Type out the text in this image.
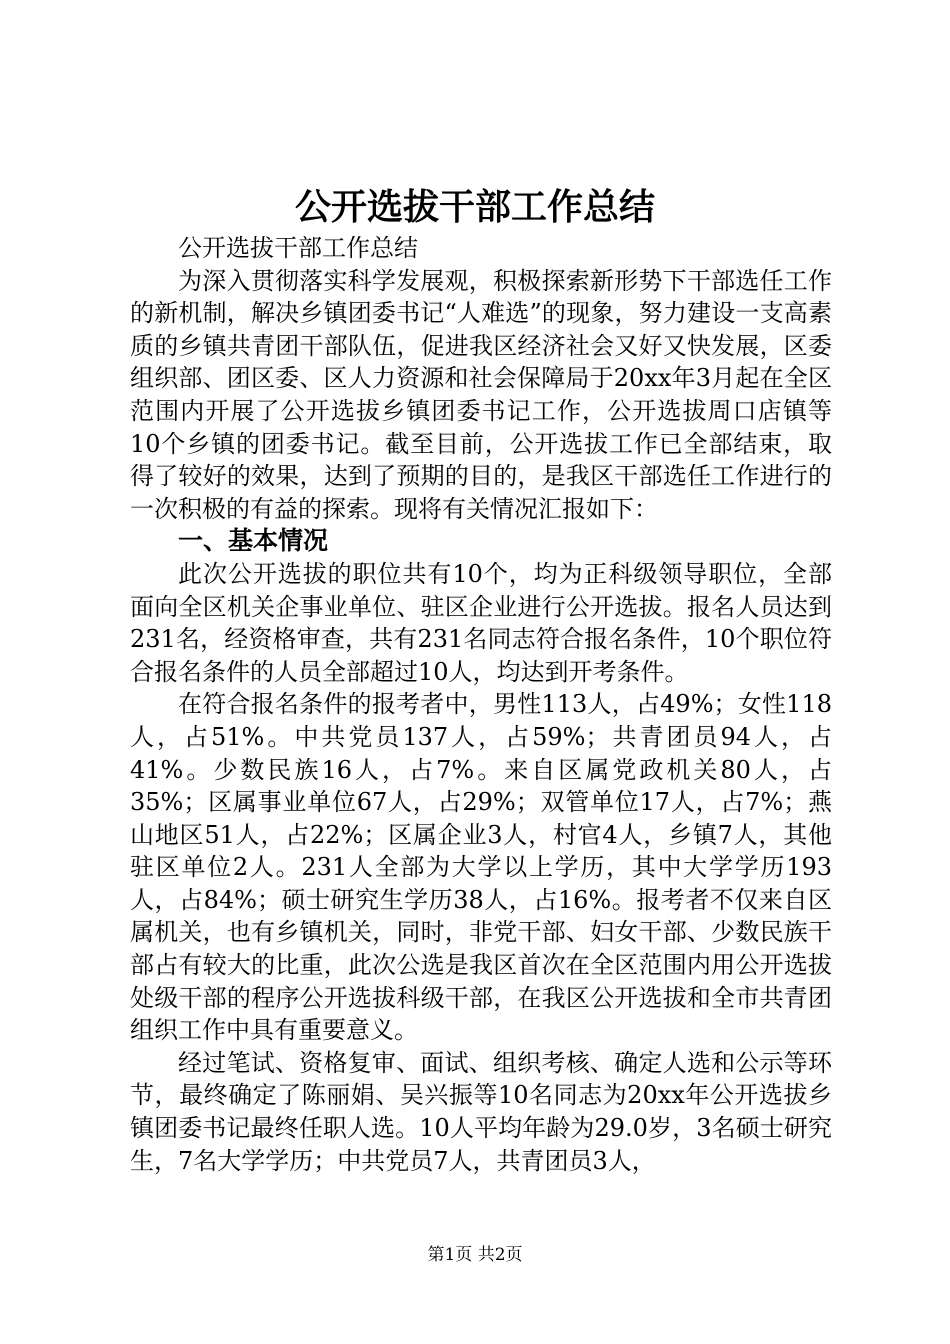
公开选拔干部工作总结

公开选拔干部工作总结

为深入贯彻落实科学发展观，积极探索新形势下干部选任工作的新机制，解决乡镇团委书记“人难选”的现象，努力建设一支高素质的乡镇共青团干部队伍，促进我区经济社会又好又快发展，区委组织部、团区委、区人力资源和社会保障局于20xx年3月起在全区范围内开展了公开选拔乡镇团委书记工作，公开选拔周口店镇等10个乡镇的团委书记。截至目前，公开选拔工作已全部结束，取得了较好的效果，达到了预期的目的，是我区干部选任工作进行的一次积极的有益的探索。现将有关情况汇报如下：

一、基本情况

此次公开选拔的职位共有10个，均为正科级领导职位，全部面向全区机关企事业单位、驻区企业进行公开选拔。报名人员达到231名，经资格审查，共有231名同志符合报名条件，10个职位符合报名条件的人员全部超过10人，均达到开考条件。

在符合报名条件的报考者中，男性113人，占49%；女性118人，占51%。中共党员137人，占59%；共青团员94人，占41%。少数民族16人，占7%。来自区属党政机关80人，占35%；区属事业单位67人，占29%；双管单位17人，占7%；燕山地区51人，占22%；区属企业3人，村官4人，乡镇7人，其他驻区单位2人。231人全部为大学以上学历，其中大学学历193人，占84%；硕士研究生学历38人，占16%。报考者不仅来自区属机关，也有乡镇机关，同时，非党干部、妇女干部、少数民族干部占有较大的比重，此次公选是我区首次在全区范围内用公开选拔处级干部的程序公开选拔科级干部，在我区公开选拔和全市共青团组织工作中具有重要意义。

经过笔试、资格复审、面试、组织考核、确定人选和公示等环节，最终确定了陈丽娟、吴兴振等10名同志为20xx年公开选拔乡镇团委书记最终任职人选。10人平均年龄为29.0岁，3名硕士研究生，7名大学学历；中共党员7人，共青团员3人，

第1页 共2页
